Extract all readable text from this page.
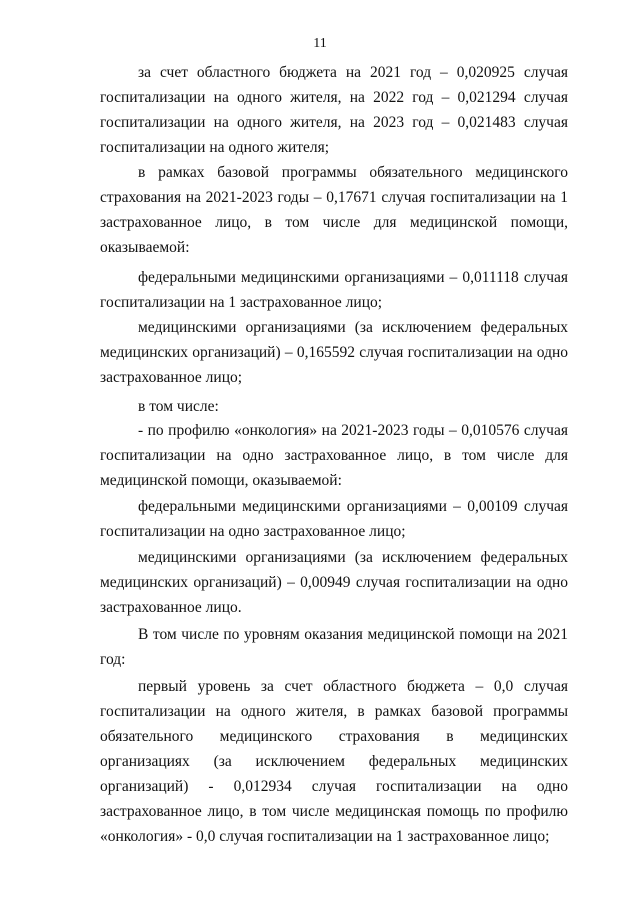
11
за счет областного бюджета на 2021 год – 0,020925 случая госпитализации на одного жителя, на 2022 год – 0,021294 случая госпитализации на одного жителя, на 2023 год – 0,021483 случая госпитализации на одного жителя;
в рамках базовой программы обязательного медицинского страхования на 2021-2023 годы – 0,17671 случая госпитализации на 1 застрахованное лицо, в том числе для медицинской помощи, оказываемой:
федеральными медицинскими организациями – 0,011118 случая госпитализации на 1 застрахованное лицо;
медицинскими организациями (за исключением федеральных медицинских организаций) – 0,165592 случая госпитализации на одно застрахованное лицо;
в том числе:
- по профилю «онкология» на 2021-2023 годы – 0,010576 случая госпитализации на одно застрахованное лицо, в том числе для медицинской помощи, оказываемой:
федеральными медицинскими организациями – 0,00109 случая госпитализации на одно застрахованное лицо;
медицинскими организациями (за исключением федеральных медицинских организаций) – 0,00949 случая госпитализации на одно застрахованное лицо.
В том числе по уровням оказания медицинской помощи на 2021 год:
первый уровень за счет областного бюджета – 0,0 случая госпитализации на одного жителя, в рамках базовой программы обязательного медицинского страхования в медицинских организациях (за исключением федеральных медицинских организаций) - 0,012934 случая госпитализации на одно застрахованное лицо, в том числе медицинская помощь по профилю «онкология» - 0,0 случая госпитализации на 1 застрахованное лицо;
